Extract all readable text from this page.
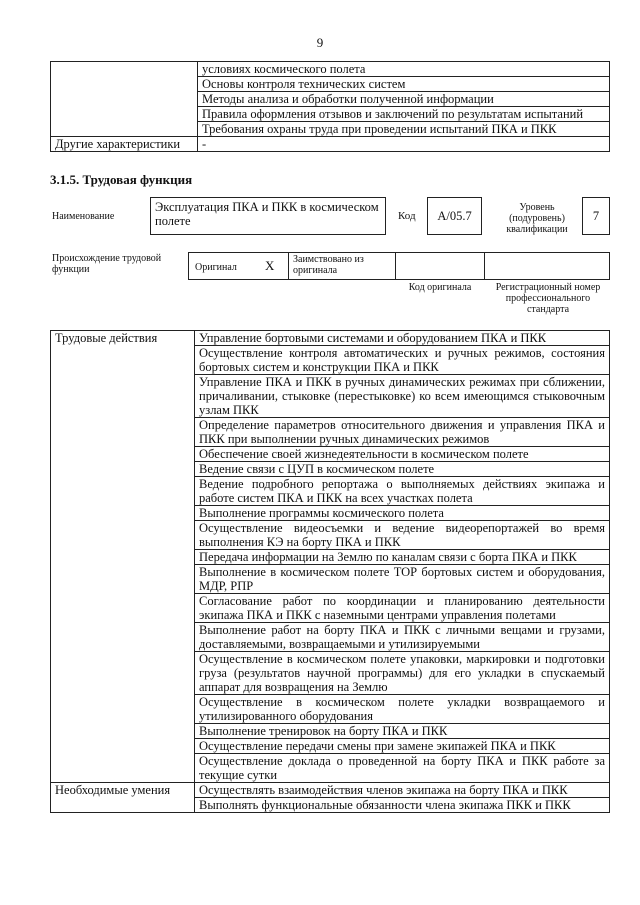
9
	условиях космического полета
	Основы контроля технических систем
	Методы анализа и обработки полученной информации
	Правила оформления отзывов и заключений по результатам испытаний
	Требования охраны труда при проведении испытаний ПКА и ПКК
Другие характеристики	-
3.1.5. Трудовая функция
Наименование
Эксплуатация ПКА и ПКК в космическом полете	Код	А/05.7
Уровень (подуровень) квалификации
7
Происхождение трудовой функции	Оригинал X	Заимствовано из оригинала
Код оригинала	Регистрационный номер профессионального стандарта
Трудовые действия	Управление бортовыми системами и оборудованием ПКА и ПКК
	Осуществление контроля автоматических и ручных режимов, состояния бортовых систем и конструкции ПКА и ПКК
	Управление ПКА и ПКК в ручных динамических режимах при сближении, причаливании, стыковке (перестыковке) ко всем имеющимся стыковочным узлам ПКК
	Определение параметров относительного движения и управления ПКА и ПКК при выполнении ручных динамических режимов
	Обеспечение своей жизнедеятельности в космическом полете
	Ведение связи с ЦУП в космическом полете
	Ведение подробного репортажа о выполняемых действиях экипажа и работе систем ПКА и ПКК на всех участках полета
	Выполнение программы космического полета
	Осуществление видеосъемки и ведение видеорепортажей во время выполнения КЭ на борту ПКА и ПКК
	Передача информации на Землю по каналам связи с борта ПКА и ПКК
	Выполнение в космическом полете ТОР бортовых систем и оборудования, МДР, РПР
	Согласование работ по координации и планированию деятельности экипажа ПКА и ПКК с наземными центрами управления полетами
	Выполнение работ на борту ПКА и ПКК с личными вещами и грузами, доставляемыми, возвращаемыми и утилизируемыми
	Осуществление в космическом полете упаковки, маркировки и подготовки груза (результатов научной программы) для его укладки в спускаемый аппарат для возвращения на Землю
	Осуществление в космическом полете укладки возвращаемого и утилизированного оборудования
	Выполнение тренировок на борту ПКА и ПКК
	Осуществление передачи смены при замене экипажей ПКА и ПКК
	Осуществление доклада о проведенной на борту ПКА и ПКК работе за текущие сутки
Необходимые умения	Осуществлять взаимодействия членов экипажа на борту ПКА и ПКК
	Выполнять функциональные обязанности члена экипажа ПКК и ПКК
